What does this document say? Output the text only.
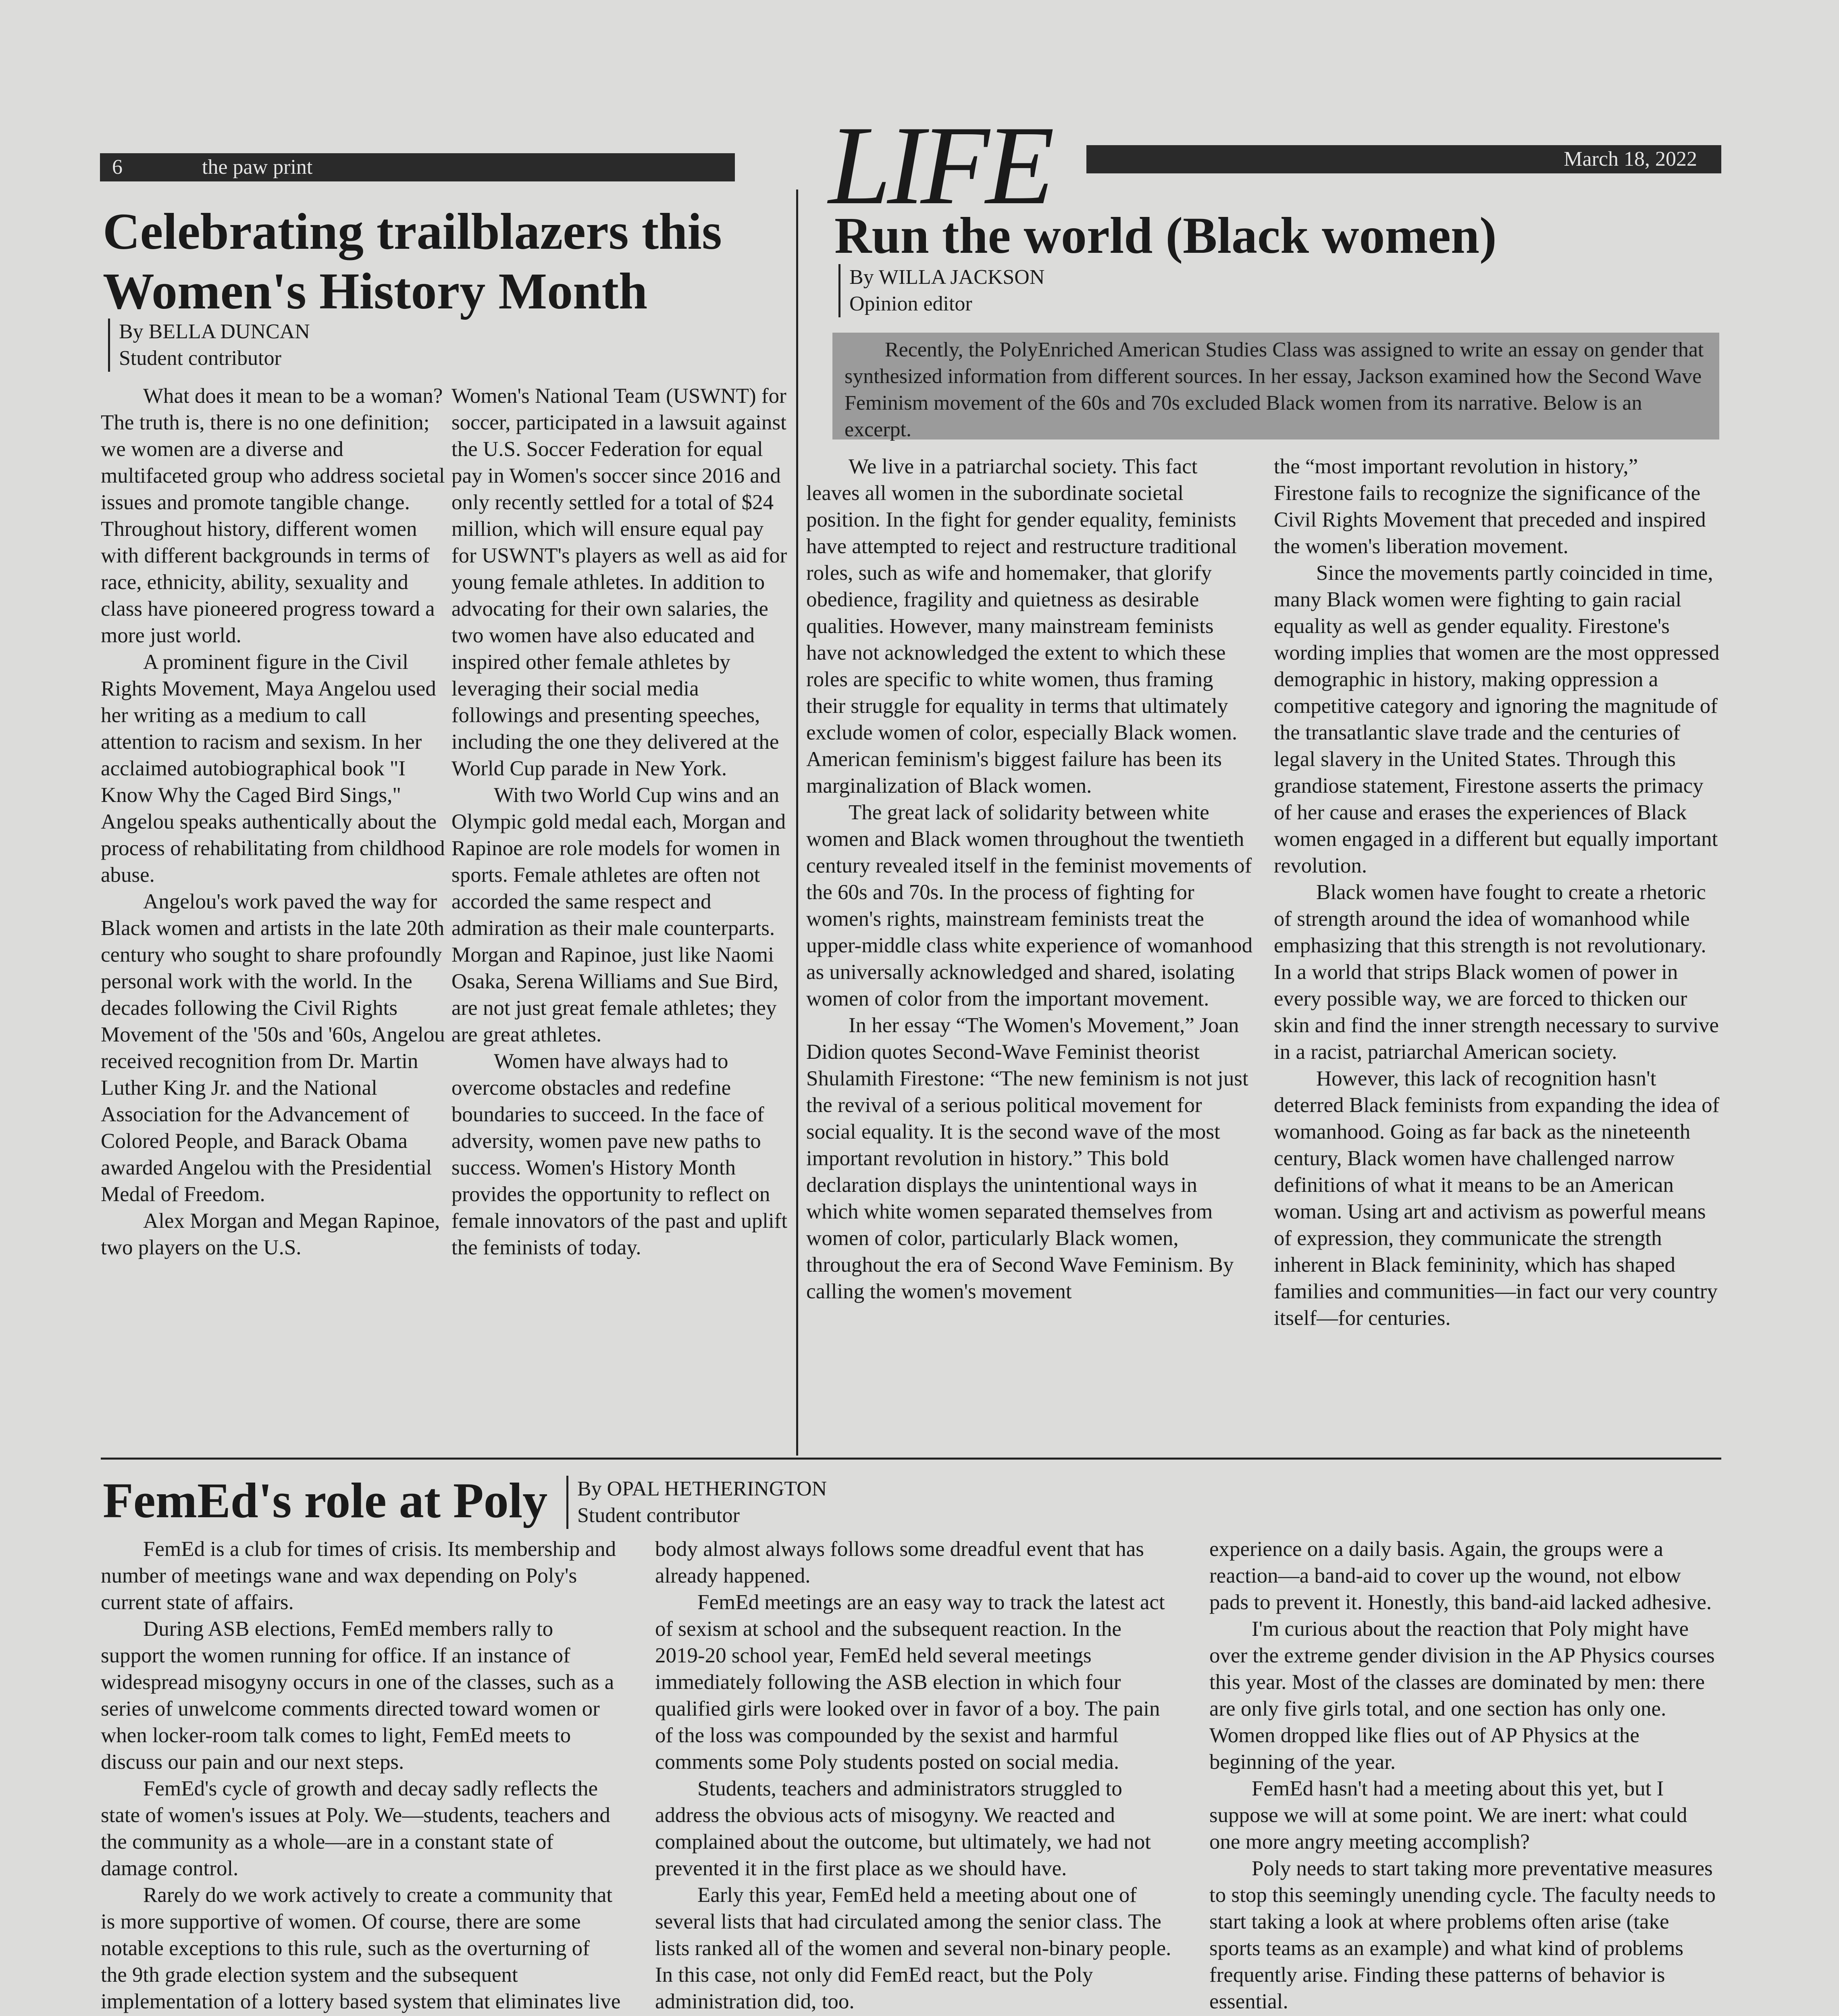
6	the paw print	LIFE	March 18, 2022
Celebrating trailblazers this Women's History Month
By BELLA DUNCAN
Student contributor

What does it mean to be a woman? The truth is, there is no one definition; we women are a diverse and multifaceted group who address societal issues and promote tangible change. Throughout history, different women with different backgrounds in terms of race, ethnicity, ability, sexuality and class have pioneered progress toward a more just world.

A prominent figure in the Civil Rights Movement, Maya Angelou used her writing as a medium to call attention to racism and sexism. In her acclaimed autobiographical book "I Know Why the Caged Bird Sings," Angelou speaks authentically about the process of rehabilitating from childhood abuse.

Angelou's work paved the way for Black women and artists in the late 20th century who sought to share profoundly personal work with the world. In the decades following the Civil Rights Movement of the '50s and '60s, Angelou received recognition from Dr. Martin Luther King Jr. and the National Association for the Advancement of Colored People, and Barack Obama awarded Angelou with the Presidential Medal of Freedom.

Alex Morgan and Megan Rapinoe, two players on the U.S.

Women's National Team (USWNT) for soccer, participated in a lawsuit against the U.S. Soccer Federation for equal pay in Women's soccer since 2016 and only recently settled for a total of $24 million, which will ensure equal pay for USWNT's players as well as aid for young female athletes. In addition to advocating for their own salaries, the two women have also educated and inspired other female athletes by leveraging their social media followings and presenting speeches, including the one they delivered at the World Cup parade in New York.

With two World Cup wins and an Olympic gold medal each, Morgan and Rapinoe are role models for women in sports. Female athletes are often not accorded the same respect and admiration as their male counterparts. Morgan and Rapinoe, just like Naomi Osaka, Serena Williams and Sue Bird, are not just great female athletes; they are great athletes.

Women have always had to overcome obstacles and redefine boundaries to succeed. In the face of adversity, women pave new paths to success. Women's History Month provides the opportunity to reflect on female innovators of the past and uplift the feminists of today.

Run the world (Black women)
By WILLA JACKSON
Opinion editor
Recently, the PolyEnriched American Studies Class was assigned to write an essay on gender that synthesized information from different sources. In her essay, Jackson examined how the Second Wave Feminism movement of the 60s and 70s excluded Black women from its narrative. Below is an excerpt.

We live in a patriarchal society. This fact leaves all women in the subordinate societal position. In the fight for gender equality, feminists have attempted to reject and restructure traditional roles, such as wife and homemaker, that glorify obedience, fragility and quietness as desirable qualities. However, many mainstream feminists have not acknowledged the extent to which these roles are specific to white women, thus framing their struggle for equality in terms that ultimately exclude women of color, especially Black women. American feminism's biggest failure has been its marginalization of Black women.

The great lack of solidarity between white women and Black women throughout the twentieth century revealed itself in the feminist movements of the 60s and 70s. In the process of fighting for women's rights, mainstream feminists treat the upper-middle class white experience of womanhood as universally acknowledged and shared, isolating women of color from the important movement.

In her essay “The Women's Movement,” Joan Didion quotes Second-Wave Feminist theorist Shulamith Firestone: “The new feminism is not just the revival of a serious political movement for social equality. It is the second wave of the most important revolution in history.” This bold declaration displays the unintentional ways in which white women separated themselves from women of color, particularly Black women, throughout the era of Second Wave Feminism. By calling the women's movement

the “most important revolution in history,” Firestone fails to recognize the significance of the Civil Rights Movement that preceded and inspired the women's liberation movement.

Since the movements partly coincided in time, many Black women were fighting to gain racial equality as well as gender equality. Firestone's wording implies that women are the most oppressed demographic in history, making oppression a competitive category and ignoring the magnitude of the transatlantic slave trade and the centuries of legal slavery in the United States. Through this grandiose statement, Firestone asserts the primacy of her cause and erases the experiences of Black women engaged in a different but equally important revolution.

Black women have fought to create a rhetoric of strength around the idea of womanhood while emphasizing that this strength is not revolutionary. In a world that strips Black women of power in every possible way, we are forced to thicken our skin and find the inner strength necessary to survive in a racist, patriarchal American society.

However, this lack of recognition hasn't deterred Black feminists from expanding the idea of womanhood. Going as far back as the nineteenth century, Black women have challenged narrow definitions of what it means to be an American woman. Using art and activism as powerful means of expression, they communicate the strength inherent in Black femininity, which has shaped families and communities—in fact our very country itself—for centuries.

FemEd's role at Poly	By OPAL HETHERINGTON
Student contributor

FemEd is a club for times of crisis. Its membership and number of meetings wane and wax depending on Poly's current state of affairs.

During ASB elections, FemEd members rally to support the women running for office. If an instance of widespread misogyny occurs in one of the classes, such as a series of unwelcome comments directed toward women or when locker-room talk comes to light, FemEd meets to discuss our pain and our next steps.

FemEd's cycle of growth and decay sadly reflects the state of women's issues at Poly. We—students, teachers and the community as a whole—are in a constant state of damage control.

Rarely do we work actively to create a community that is more supportive of women. Of course, there are some notable exceptions to this rule, such as the overturning of the 9th grade election system and the subsequent implementation of a lottery based system that eliminates live

body almost always follows some dreadful event that has already happened.

FemEd meetings are an easy way to track the latest act of sexism at school and the subsequent reaction. In the 2019-20 school year, FemEd held several meetings immediately following the ASB election in which four qualified girls were looked over in favor of a boy. The pain of the loss was compounded by the sexist and harmful comments some Poly students posted on social media.

Students, teachers and administrators struggled to address the obvious acts of misogyny. We reacted and complained about the outcome, but ultimately, we had not prevented it in the first place as we should have.

Early this year, FemEd held a meeting about one of several lists that had circulated among the senior class. The lists ranked all of the women and several non-binary people. In this case, not only did FemEd react, but the Poly administration did, too.

experience on a daily basis. Again, the groups were a reaction—a band-aid to cover up the wound, not elbow pads to prevent it. Honestly, this band-aid lacked adhesive.

I'm curious about the reaction that Poly might have over the extreme gender division in the AP Physics courses this year. Most of the classes are dominated by men: there are only five girls total, and one section has only one. Women dropped like flies out of AP Physics at the beginning of the year.

FemEd hasn't had a meeting about this yet, but I suppose we will at some point. We are inert: what could one more angry meeting accomplish?

Poly needs to start taking more preventative measures to stop this seemingly unending cycle. The faculty needs to start taking a look at where problems often arise (take sports teams as an example) and what kind of problems frequently arise. Finding these patterns of behavior is essential.
